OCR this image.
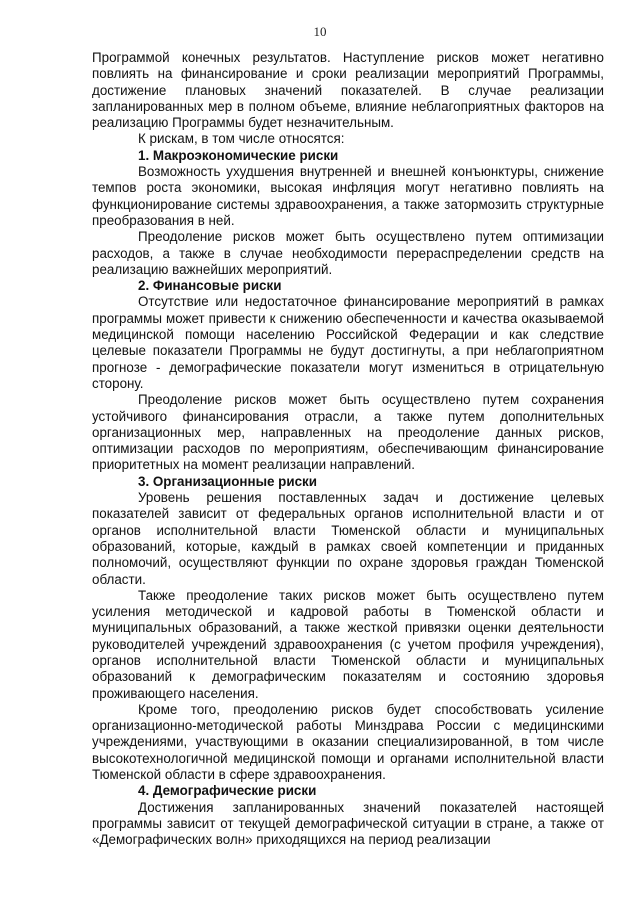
10

Программой конечных результатов. Наступление рисков может негативно повлиять на финансирование и сроки реализации мероприятий Программы, достижение плановых значений показателей. В случае реализации запланированных мер в полном объеме, влияние неблагоприятных факторов на реализацию Программы будет незначительным.

К рискам, в том числе относятся:

1. Макроэкономические риски

Возможность ухудшения внутренней и внешней конъюнктуры, снижение темпов роста экономики, высокая инфляция могут негативно повлиять на функционирование системы здравоохранения, а также затормозить структурные преобразования в ней.

Преодоление рисков может быть осуществлено путем оптимизации расходов, а также в случае необходимости перераспределении средств на реализацию важнейших мероприятий.

2. Финансовые риски

Отсутствие или недостаточное финансирование мероприятий в рамках программы может привести к снижению обеспеченности и качества оказываемой медицинской помощи населению Российской Федерации и как следствие целевые показатели Программы не будут достигнуты, а при неблагоприятном прогнозе - демографические показатели могут измениться в отрицательную сторону.

Преодоление рисков может быть осуществлено путем сохранения устойчивого финансирования отрасли, а также путем дополнительных организационных мер, направленных на преодоление данных рисков, оптимизации расходов по мероприятиям, обеспечивающим финансирование приоритетных на момент реализации направлений.

3. Организационные риски

Уровень решения поставленных задач и достижение целевых показателей зависит от федеральных органов исполнительной власти и от органов исполнительной власти Тюменской области и муниципальных образований, которые, каждый в рамках своей компетенции и приданных полномочий, осуществляют функции по охране здоровья граждан Тюменской области.

Также преодоление таких рисков может быть осуществлено путем усиления методической и кадровой работы в Тюменской области и муниципальных образований, а также жесткой привязки оценки деятельности руководителей учреждений здравоохранения (с учетом профиля учреждения), органов исполнительной власти Тюменской области и муниципальных образований к демографическим показателям и состоянию здоровья проживающего населения.

Кроме того, преодолению рисков будет способствовать усиление организационно-методической работы Минздрава России с медицинскими учреждениями, участвующими в оказании специализированной, в том числе высокотехнологичной медицинской помощи и органами исполнительной власти Тюменской области в сфере здравоохранения.

4. Демографические риски

Достижения запланированных значений показателей настоящей программы зависит от текущей демографической ситуации в стране, а также от «Демографических волн» приходящихся на период реализации
